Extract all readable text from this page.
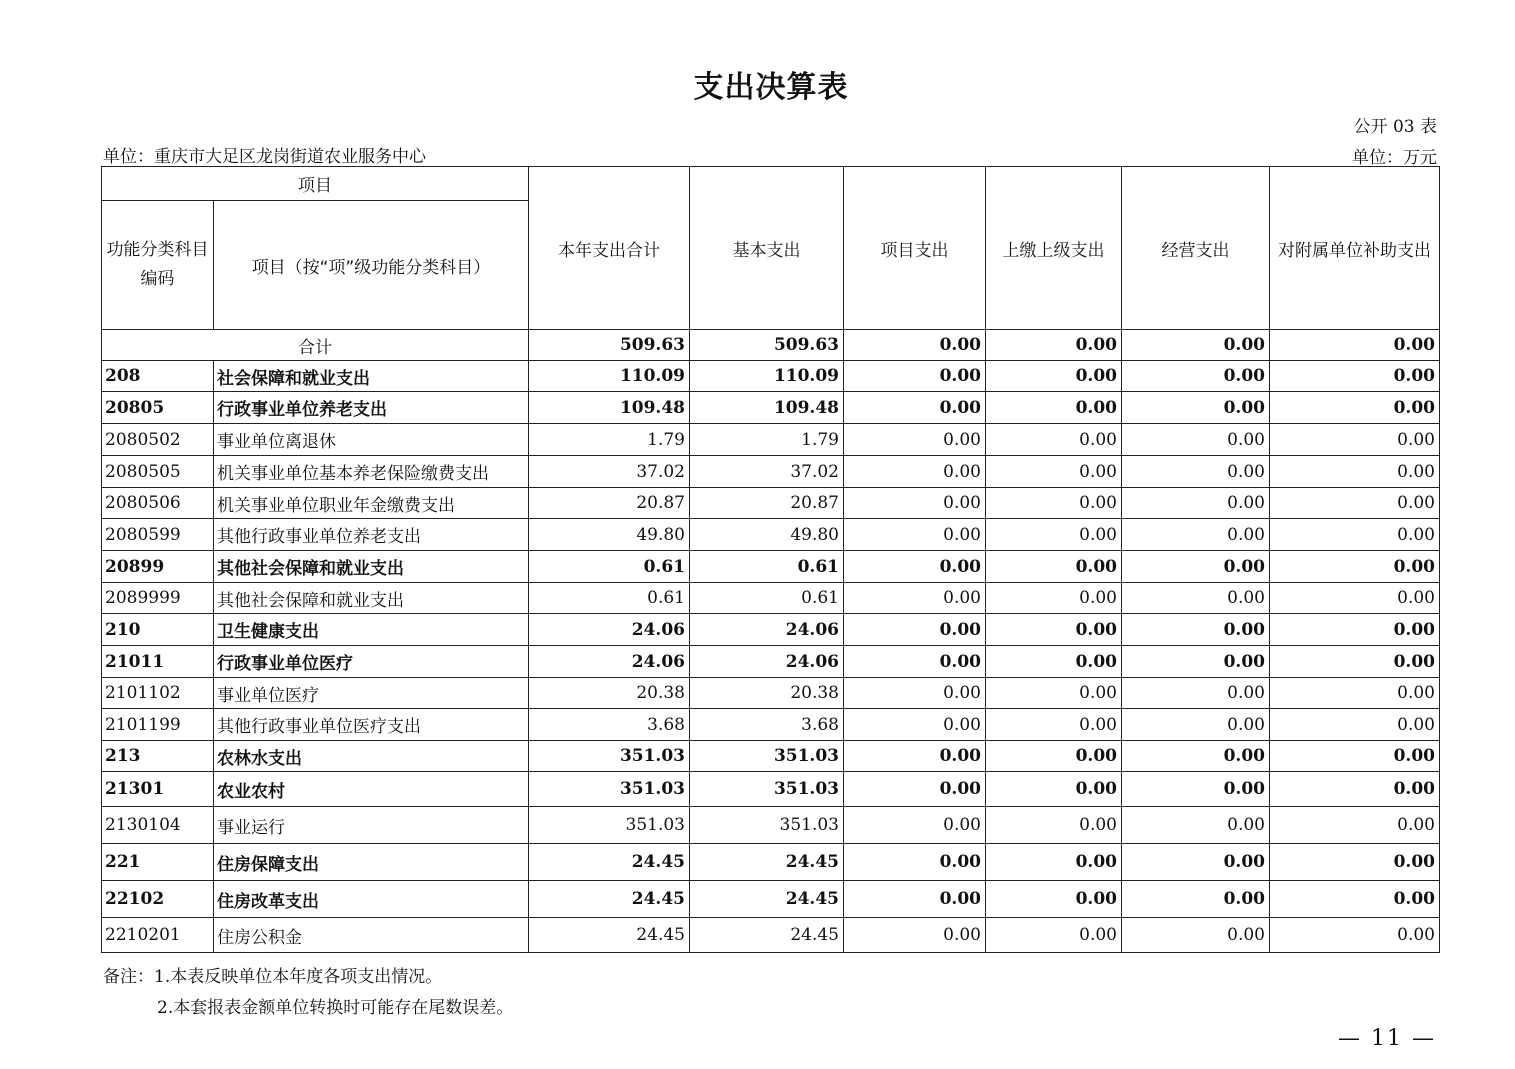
支出决算表
公开 03 表
单位：重庆市大足区龙岗街道农业服务中心	单位：万元
项目		本年支出合计	基本支出	项目支出	上缴上级支出	经营支出	对附属单位补助支出
功能分类科目编码	项目（按“项”级功能分类科目）						
合计		509.63	509.63	0.00	0.00	0.00	0.00
208	社会保障和就业支出	110.09	110.09	0.00	0.00	0.00	0.00
20805	行政事业单位养老支出	109.48	109.48	0.00	0.00	0.00	0.00
2080502	事业单位离退休	1.79	1.79	0.00	0.00	0.00	0.00
2080505	机关事业单位基本养老保险缴费支出	37.02	37.02	0.00	0.00	0.00	0.00
2080506	机关事业单位职业年金缴费支出	20.87	20.87	0.00	0.00	0.00	0.00
2080599	其他行政事业单位养老支出	49.80	49.80	0.00	0.00	0.00	0.00
20899	其他社会保障和就业支出	0.61	0.61	0.00	0.00	0.00	0.00
2089999	其他社会保障和就业支出	0.61	0.61	0.00	0.00	0.00	0.00
210	卫生健康支出	24.06	24.06	0.00	0.00	0.00	0.00
21011	行政事业单位医疗	24.06	24.06	0.00	0.00	0.00	0.00
2101102	事业单位医疗	20.38	20.38	0.00	0.00	0.00	0.00
2101199	其他行政事业单位医疗支出	3.68	3.68	0.00	0.00	0.00	0.00
213	农林水支出	351.03	351.03	0.00	0.00	0.00	0.00
21301	农业农村	351.03	351.03	0.00	0.00	0.00	0.00
2130104	事业运行	351.03	351.03	0.00	0.00	0.00	0.00
221	住房保障支出	24.45	24.45	0.00	0.00	0.00	0.00
22102	住房改革支出	24.45	24.45	0.00	0.00	0.00	0.00
2210201	住房公积金	24.45	24.45	0.00	0.00	0.00	0.00
备注：1.本表反映单位本年度各项支出情况。
2.本套报表金额单位转换时可能存在尾数误差。
— 11 —
